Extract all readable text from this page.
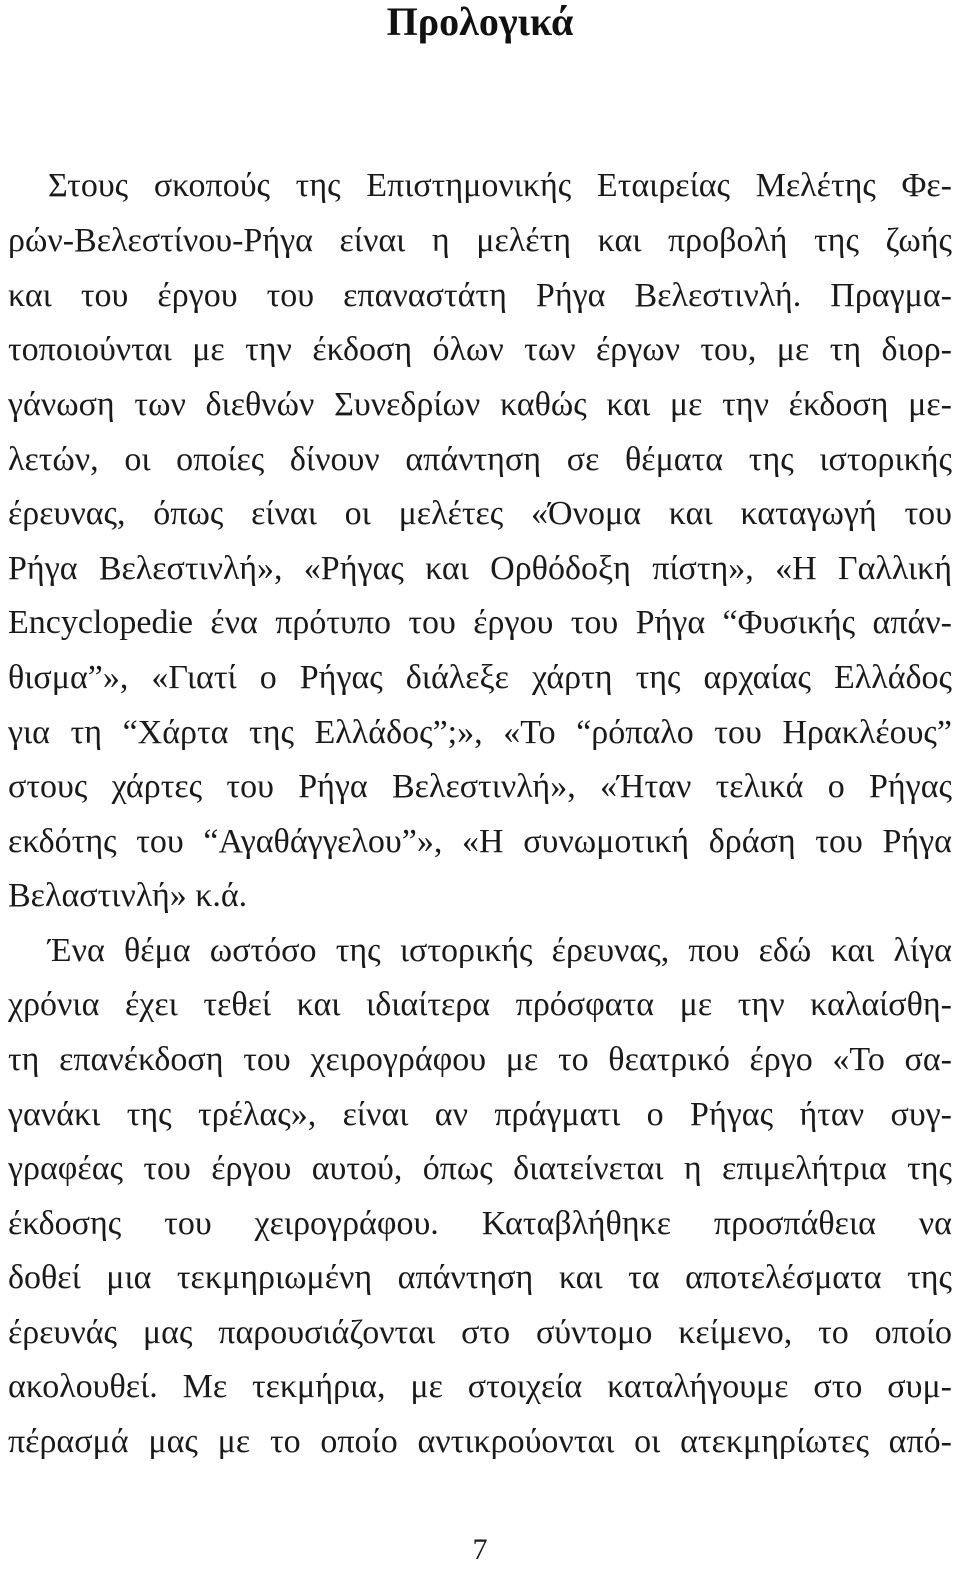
Προλογικά
Στους σκοπούς της Επιστημονικής Εταιρείας Μελέτης Φε-
ρών-Βελεστίνου-Ρήγα είναι η μελέτη και προβολή της ζωής
και του έργου του επαναστάτη Ρήγα Βελεστινλή. Πραγμα-
τοποιούνται με την έκδοση όλων των έργων του, με τη διορ-
γάνωση των διεθνών Συνεδρίων καθώς και με την έκδοση με-
λετών, οι οποίες δίνουν απάντηση σε θέματα της ιστορικής
έρευνας, όπως είναι οι μελέτες «Όνομα και καταγωγή του
Ρήγα Βελεστινλή», «Ρήγας και Ορθόδοξη πίστη», «Η Γαλλική
Encyclopedie ένα πρότυπο του έργου του Ρήγα “Φυσικής απάν-
θισμα”», «Γιατί ο Ρήγας διάλεξε χάρτη της αρχαίας Ελλάδος
για τη “Χάρτα της Ελλάδος”;», «Το “ρόπαλο του Ηρακλέους”
στους χάρτες του Ρήγα Βελεστινλή», «Ήταν τελικά ο Ρήγας
εκδότης του “Αγαθάγγελου”», «Η συνωμοτική δράση του Ρήγα
Βελαστινλή» κ.ά.
Ένα θέμα ωστόσο της ιστορικής έρευνας, που εδώ και λίγα
χρόνια έχει τεθεί και ιδιαίτερα πρόσφατα με την καλαίσθη-
τη επανέκδοση του χειρογράφου με το θεατρικό έργο «Το σα-
γανάκι της τρέλας», είναι αν πράγματι ο Ρήγας ήταν συγ-
γραφέας του έργου αυτού, όπως διατείνεται η επιμελήτρια της
έκδοσης του χειρογράφου. Καταβλήθηκε προσπάθεια να
δοθεί μια τεκμηριωμένη απάντηση και τα αποτελέσματα της
έρευνάς μας παρουσιάζονται στο σύντομο κείμενο, το οποίο
ακολουθεί. Με τεκμήρια, με στοιχεία καταλήγουμε στο συμ-
πέρασμά μας με το οποίο αντικρούονται οι ατεκμηρίωτες από-
7
